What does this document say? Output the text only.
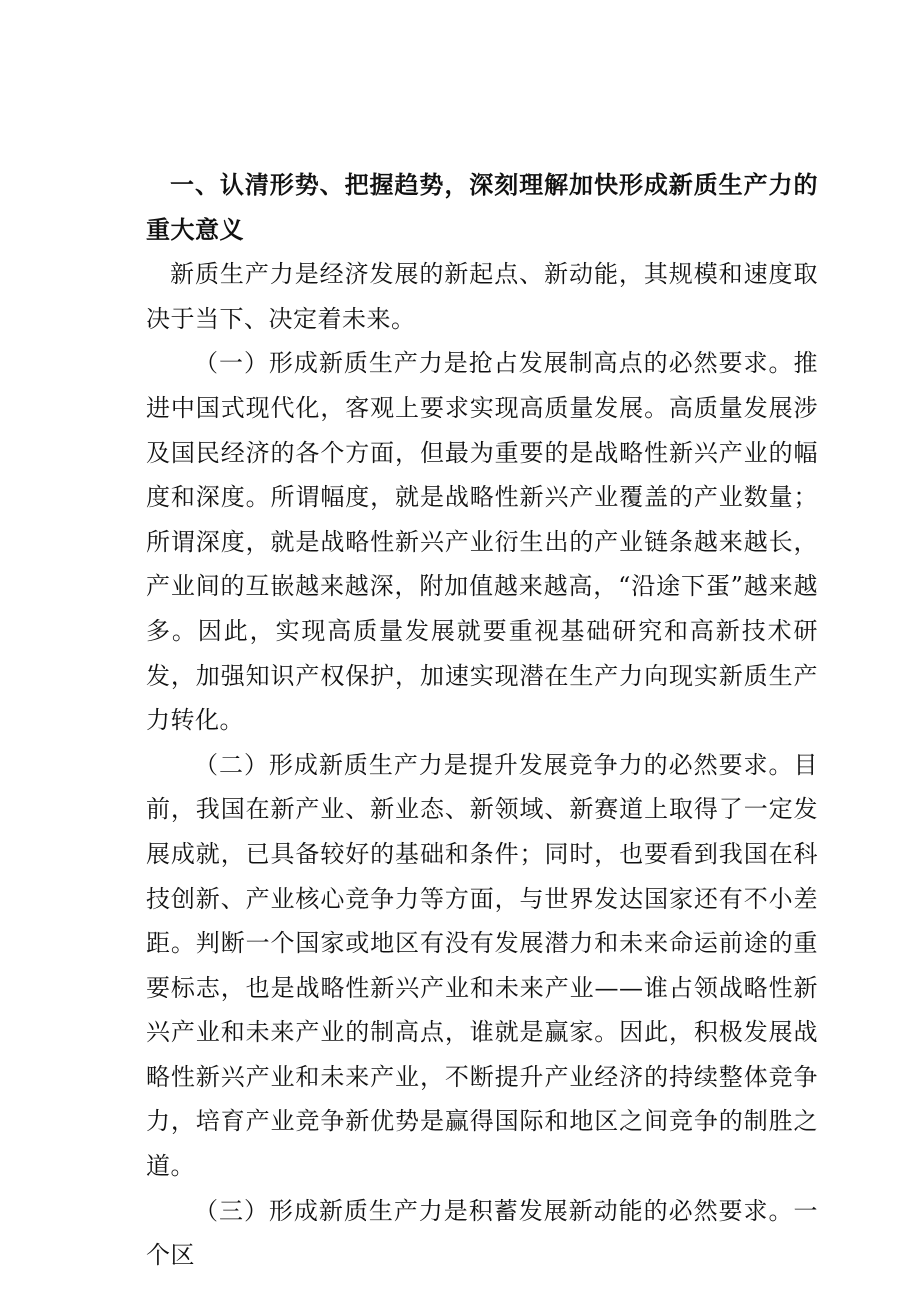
一、认清形势、把握趋势，深刻理解加快形成新质生产力的重大意义

新质生产力是经济发展的新起点、新动能，其规模和速度取决于当下、决定着未来。

（一）形成新质生产力是抢占发展制高点的必然要求。推进中国式现代化，客观上要求实现高质量发展。高质量发展涉及国民经济的各个方面，但最为重要的是战略性新兴产业的幅度和深度。所谓幅度，就是战略性新兴产业覆盖的产业数量；所谓深度，就是战略性新兴产业衍生出的产业链条越来越长，产业间的互嵌越来越深，附加值越来越高，“沿途下蛋”越来越多。因此，实现高质量发展就要重视基础研究和高新技术研发，加强知识产权保护，加速实现潜在生产力向现实新质生产力转化。

（二）形成新质生产力是提升发展竞争力的必然要求。目前，我国在新产业、新业态、新领域、新赛道上取得了一定发展成就，已具备较好的基础和条件；同时，也要看到我国在科技创新、产业核心竞争力等方面，与世界发达国家还有不小差距。判断一个国家或地区有没有发展潜力和未来命运前途的重要标志，也是战略性新兴产业和未来产业——谁占领战略性新兴产业和未来产业的制高点，谁就是赢家。因此，积极发展战略性新兴产业和未来产业，不断提升产业经济的持续整体竞争力，培育产业竞争新优势是赢得国际和地区之间竞争的制胜之道。

（三）形成新质生产力是积蓄发展新动能的必然要求。一个区
